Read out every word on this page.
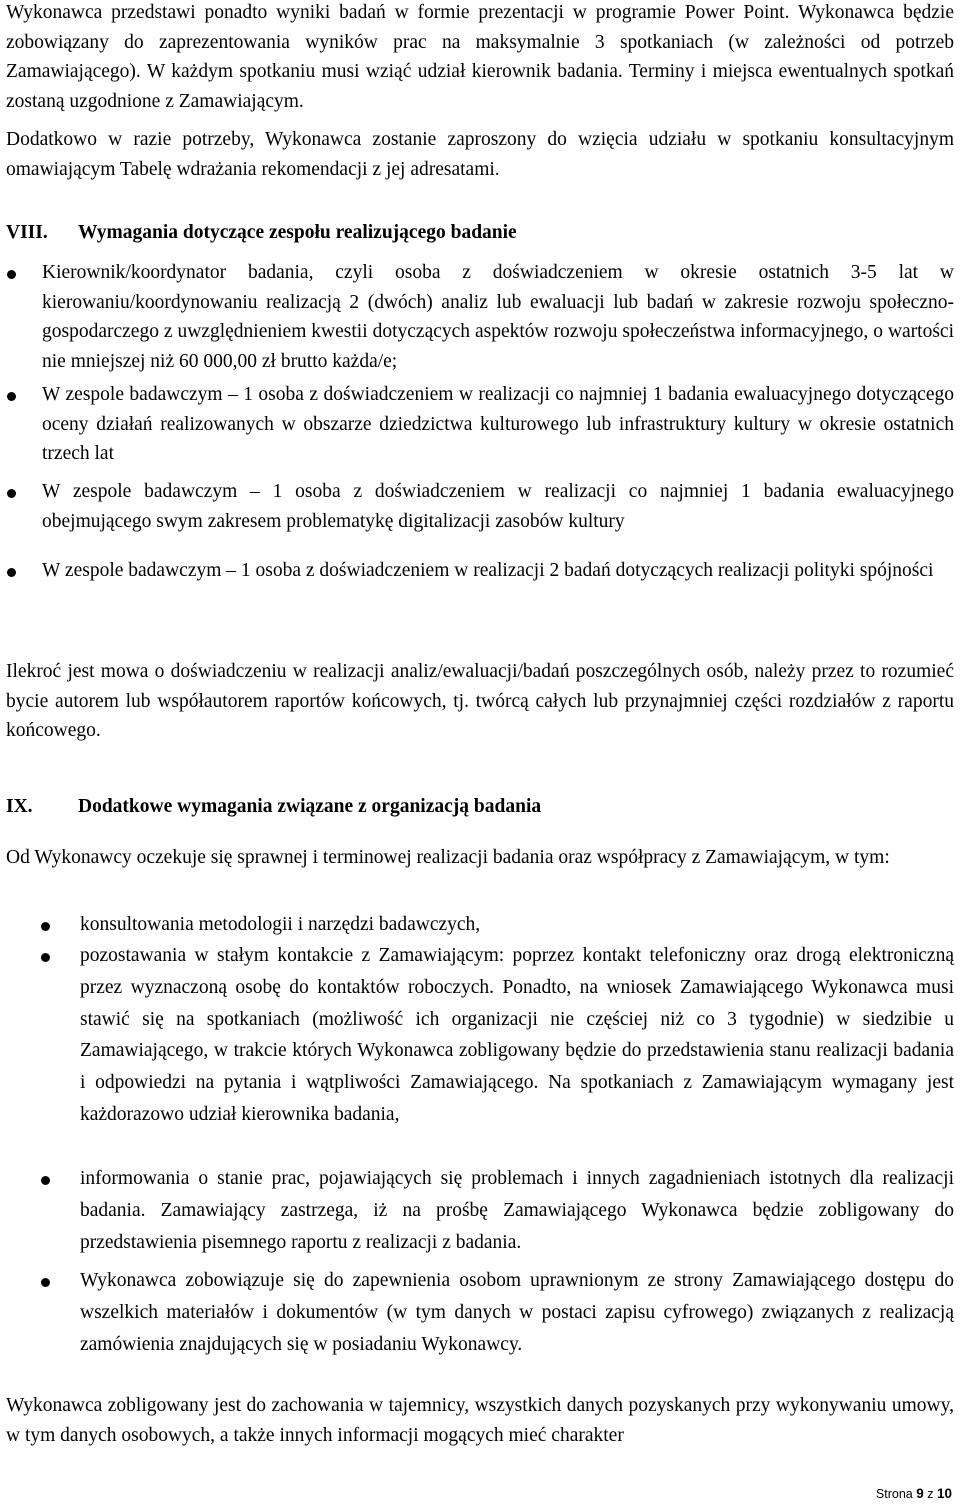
Wykonawca przedstawi ponadto wyniki badań w formie prezentacji w programie Power Point. Wykonawca będzie zobowiązany do zaprezentowania wyników prac na maksymalnie 3 spotkaniach (w zależności od potrzeb Zamawiającego). W każdym spotkaniu musi wziąć udział kierownik badania. Terminy i miejsca ewentualnych spotkań zostaną uzgodnione z Zamawiającym.

Dodatkowo w razie potrzeby, Wykonawca zostanie zaproszony do wzięcia udziału w spotkaniu konsultacyjnym omawiającym Tabelę wdrażania rekomendacji z jej adresatami.

VIII. Wymagania dotyczące zespołu realizującego badanie

Kierownik/koordynator badania, czyli osoba z doświadczeniem w okresie ostatnich 3-5 lat w kierowaniu/koordynowaniu realizacją 2 (dwóch) analiz lub ewaluacji lub badań w zakresie rozwoju społeczno-gospodarczego z uwzględnieniem kwestii dotyczących aspektów rozwoju społeczeństwa informacyjnego, o wartości nie mniejszej niż 60 000,00 zł brutto każda/e;

W zespole badawczym – 1 osoba z doświadczeniem w realizacji co najmniej 1 badania ewaluacyjnego dotyczącego oceny działań realizowanych w obszarze dziedzictwa kulturowego lub infrastruktury kultury w okresie ostatnich trzech lat

W zespole badawczym – 1 osoba z doświadczeniem w realizacji co najmniej 1 badania ewaluacyjnego obejmującego swym zakresem problematykę digitalizacji zasobów kultury

W zespole badawczym – 1 osoba z doświadczeniem w realizacji 2 badań dotyczących realizacji polityki spójności

Ilekroć jest mowa o doświadczeniu w realizacji analiz/ewaluacji/badań poszczególnych osób, należy przez to rozumieć bycie autorem lub współautorem raportów końcowych, tj. twórcą całych lub przynajmniej części rozdziałów z raportu końcowego.

IX. Dodatkowe wymagania związane z organizacją badania

Od Wykonawcy oczekuje się sprawnej i terminowej realizacji badania oraz współpracy z Zamawiającym, w tym:

konsultowania metodologii i narzędzi badawczych,

pozostawania w stałym kontakcie z Zamawiającym: poprzez kontakt telefoniczny oraz drogą elektroniczną przez wyznaczoną osobę do kontaktów roboczych. Ponadto, na wniosek Zamawiającego Wykonawca musi stawić się na spotkaniach (możliwość ich organizacji nie częściej niż co 3 tygodnie) w siedzibie u Zamawiającego, w trakcie których Wykonawca zobligowany będzie do przedstawienia stanu realizacji badania i odpowiedzi na pytania i wątpliwości Zamawiającego. Na spotkaniach z Zamawiającym wymagany jest każdorazowo udział kierownika badania,

informowania o stanie prac, pojawiających się problemach i innych zagadnieniach istotnych dla realizacji badania. Zamawiający zastrzega, iż na prośbę Zamawiającego Wykonawca będzie zobligowany do przedstawienia pisemnego raportu z realizacji z badania.

Wykonawca zobowiązuje się do zapewnienia osobom uprawnionym ze strony Zamawiającego dostępu do wszelkich materiałów i dokumentów (w tym danych w postaci zapisu cyfrowego) związanych z realizacją zamówienia znajdujących się w posiadaniu Wykonawcy.

Wykonawca zobligowany jest do zachowania w tajemnicy, wszystkich danych pozyskanych przy wykonywaniu umowy, w tym danych osobowych, a także innych informacji mogących mieć charakter

Strona 9 z 10
